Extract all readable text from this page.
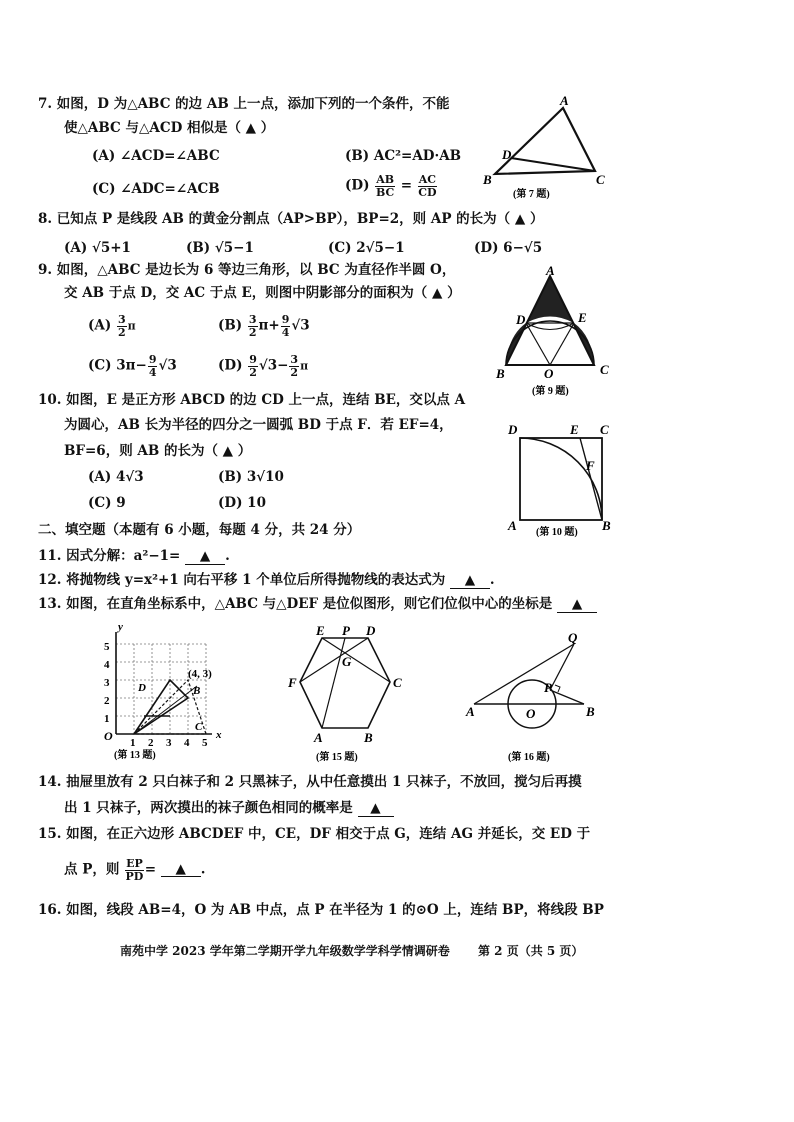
7. 如图，D 为△ABC 的边 AB 上一点，添加下列的一个条件，不能
使△ABC 与△ACD 相似是（ ▲ ）
(A) ∠ACD=∠ABC	(B) AC²=AD·AB
(C) ∠ADC=∠ACB	$(D) \frac{AB}{BC} = \frac{AC}{CD}$
A
B	C
D
(第 7 题)
8. 已知点 P 是线段 AB 的黄金分割点（AP>BP），BP=2，则 AP 的长为（ ▲ ）
(A) √5+1	(B) √5−1	(C) 2√5−1	(D) 6−√5
9. 如图，△ABC 是边长为 6 等边三角形，以 BC 为直径作半圆 O，
交 AB 于点 D，交 AC 于点 E，则图中阴影部分的面积为（ ▲ ）
$(A) \frac{3}{2}$ π	$(B) \frac{3}{2} \pi+ \frac{9}{4} √3$
(C) $3\pi- \frac{9}{4} √3$	$(D) \frac{9}{2} √3- \frac{3}{2}$ π
A
D	E
B	O	C
(第 9 题)
10. 如图，E 是正方形 ABCD 的边 CD 上一点，连结 BE，交以点 A
为圆心，AB 长为半径的四分之一圆弧 BD 于点 F．若 EF=4，
BF=6，则 AB 的长为（ ▲ ）
(A) 4√3	(B) 3√10
(C) 9	(D) 10
D	E C
F
A	B
(第 10 题)
二、填空题（本题有 6 小题，每题 4 分，共 24 分）
11. 因式分解：a²−1= ▲ .
12. 将抛物线 y=x²+1 向右平移 1 个单位后所得抛物线的表达式为 ▲ .
13. 如图，在直角坐标系中，△ABC 与△DEF 是位似图形，则它们位似中心的坐标是 ▲
y
x
O
5
4
3
2
1
1 2 3 4 5
(4, 3)
B
C
D
(第 13 题)
E P D
G
F	C
A	B
(第 15 题)
Q
P
A	O	B
(第 16 题)
14. 抽屉里放有 2 只白袜子和 2 只黑袜子，从中任意摸出 1 只袜子，不放回，搅匀后再摸
出 1 只袜子，两次摸出的袜子颜色相同的概率是 ▲
15. 如图，在正六边形 ABCDEF 中，CE，DF 相交于点 G，连结 AG 并延长，交 ED 于
点 P，则 $\frac{EP}{PD}$ = ▲ .
16. 如图，线段 AB=4，O 为 AB 中点，点 P 在半径为 1 的⊙O 上，连结 BP，将线段 BP
南苑中学 2023 学年第二学期开学九年级数学学科学情调研卷 第 2 页（共 5 页）
